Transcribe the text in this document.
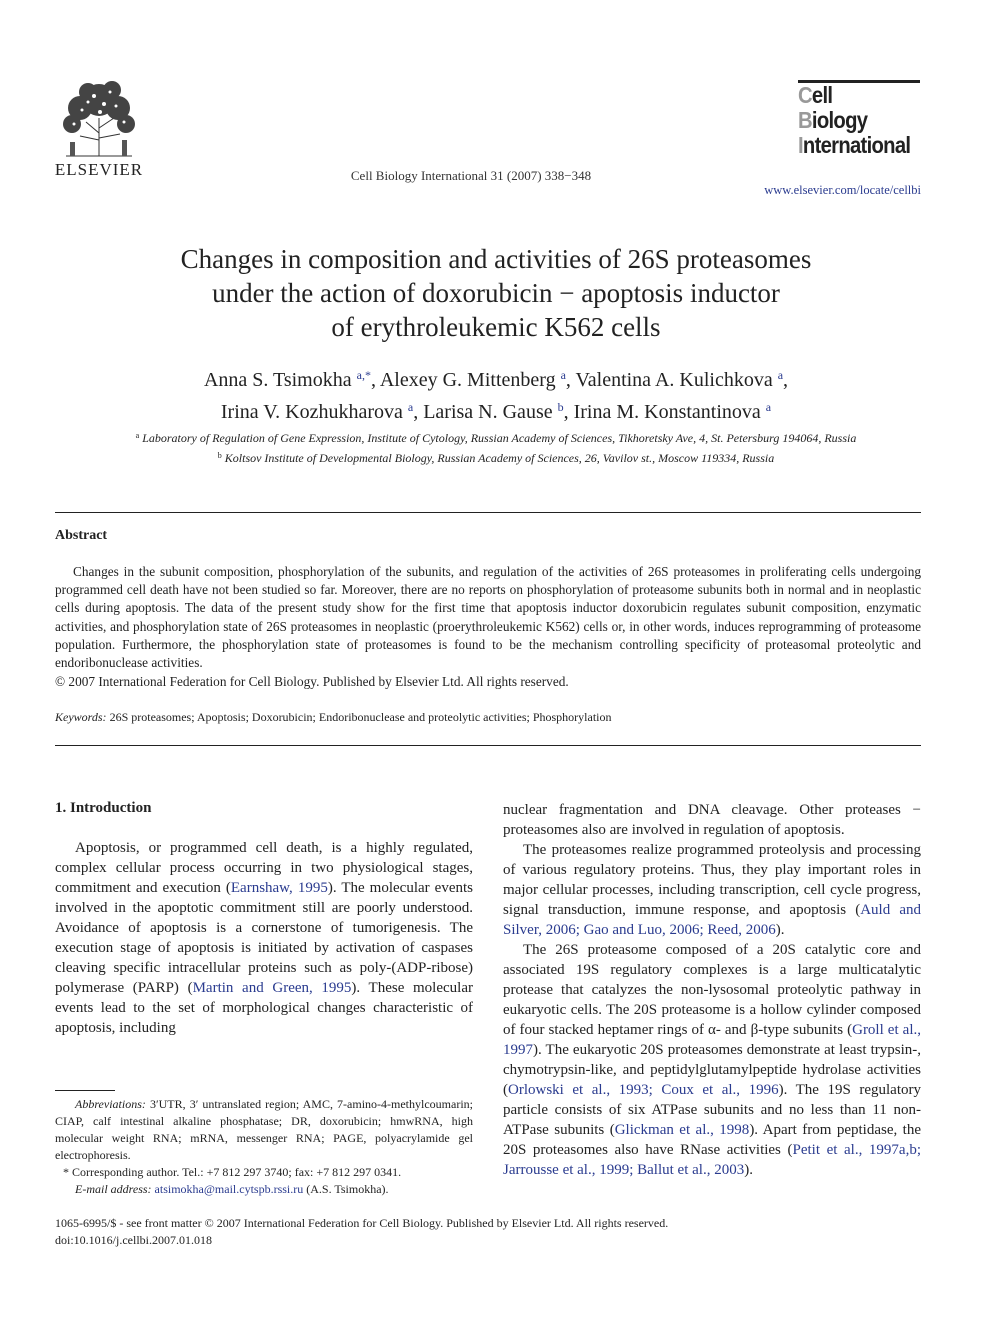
ELSEVIER	Cell Biology International 31 (2007) 338−348
Cell
Biology
International
www.elsevier.com/locate/cellbi
Changes in composition and activities of 26S proteasomes
under the action of doxorubicin − apoptosis inductor
of erythroleukemic K562 cells
Anna S. Tsimokha $^{a,*}$, Alexey G. Mittenberg $^a$, Valentina A. Kulichkova $^a$,
Irina V. Kozhukharova $^a$, Larisa N. Gause $^b$, Irina M. Konstantinova $^a$
$^a$ Laboratory of Regulation of Gene Expression, Institute of Cytology, Russian Academy of Sciences, Tikhoretsky Ave, 4, St. Petersburg 194064, Russia
$^b$ Koltsov Institute of Developmental Biology, Russian Academy of Sciences, 26, Vavilov st., Moscow 119334, Russia
Abstract
Changes in the subunit composition, phosphorylation of the subunits, and regulation of the activities of 26S proteasomes in proliferating cells undergoing programmed cell death have not been studied so far. Moreover, there are no reports on phosphorylation of proteasome subunits both in normal and in neoplastic cells during apoptosis. The data of the present study show for the first time that apoptosis inductor doxorubicin regulates subunit composition, enzymatic activities, and phosphorylation state of 26S proteasomes in neoplastic (proerythroleukemic K562) cells or, in other words, induces reprogramming of proteasome population. Furthermore, the phosphorylation state of proteasomes is found to be the mechanism controlling specificity of proteasomal proteolytic and endoribonuclease activities.
© 2007 International Federation for Cell Biology. Published by Elsevier Ltd. All rights reserved.
Keywords: 26S proteasomes; Apoptosis; Doxorubicin; Endoribonuclease and proteolytic activities; Phosphorylation
1. Introduction

Apoptosis, or programmed cell death, is a highly regulated, complex cellular process occurring in two physiological stages, commitment and execution (Earnshaw, 1995). The molecular events involved in the apoptotic commitment still are poorly understood. Avoidance of apoptosis is a cornerstone of tumorigenesis. The execution stage of apoptosis is initiated by activation of caspases cleaving specific intracellular proteins such as poly-(ADP-ribose) polymerase (PARP) (Martin and Green, 1995). These molecular events lead to the set of morphological changes characteristic of apoptosis, including

nuclear fragmentation and DNA cleavage. Other proteases − proteasomes also are involved in regulation of apoptosis.

The proteasomes realize programmed proteolysis and processing of various regulatory proteins. Thus, they play important roles in major cellular processes, including transcription, cell cycle progress, signal transduction, immune response, and apoptosis (Auld and Silver, 2006; Gao and Luo, 2006; Reed, 2006).

The 26S proteasome composed of a 20S catalytic core and associated 19S regulatory complexes is a large multicatalytic protease that catalyzes the non-lysosomal proteolytic pathway in eukaryotic cells. The 20S proteasome is a hollow cylinder composed of four stacked heptamer rings of α- and β-type subunits (Groll et al., 1997). The eukaryotic 20S proteasomes demonstrate at least trypsin-, chymotrypsin-like, and peptidylglutamylpeptide hydrolase activities (Orlowski et al., 1993; Coux et al., 1996). The 19S regulatory particle consists of six ATPase subunits and no less than 11 non-ATPase subunits (Glickman et al., 1998). Apart from peptidase, the 20S proteasomes also have RNase activities (Petit et al., 1997a,b; Jarrousse et al., 1999; Ballut et al., 2003).

Abbreviations: 3′UTR, 3′ untranslated region; AMC, 7-amino-4-methylcoumarin; CIAP, calf intestinal alkaline phosphatase; DR, doxorubicin; hmwRNA, high molecular weight RNA; mRNA, messenger RNA; PAGE, polyacrylamide gel electrophoresis.
* Corresponding author. Tel.: +7 812 297 3740; fax: +7 812 297 0341.
E-mail address: atsimokha@mail.cytspb.rssi.ru (A.S. Tsimokha).
1065-6995/$ - see front matter © 2007 International Federation for Cell Biology. Published by Elsevier Ltd. All rights reserved.
doi:10.1016/j.cellbi.2007.01.018
